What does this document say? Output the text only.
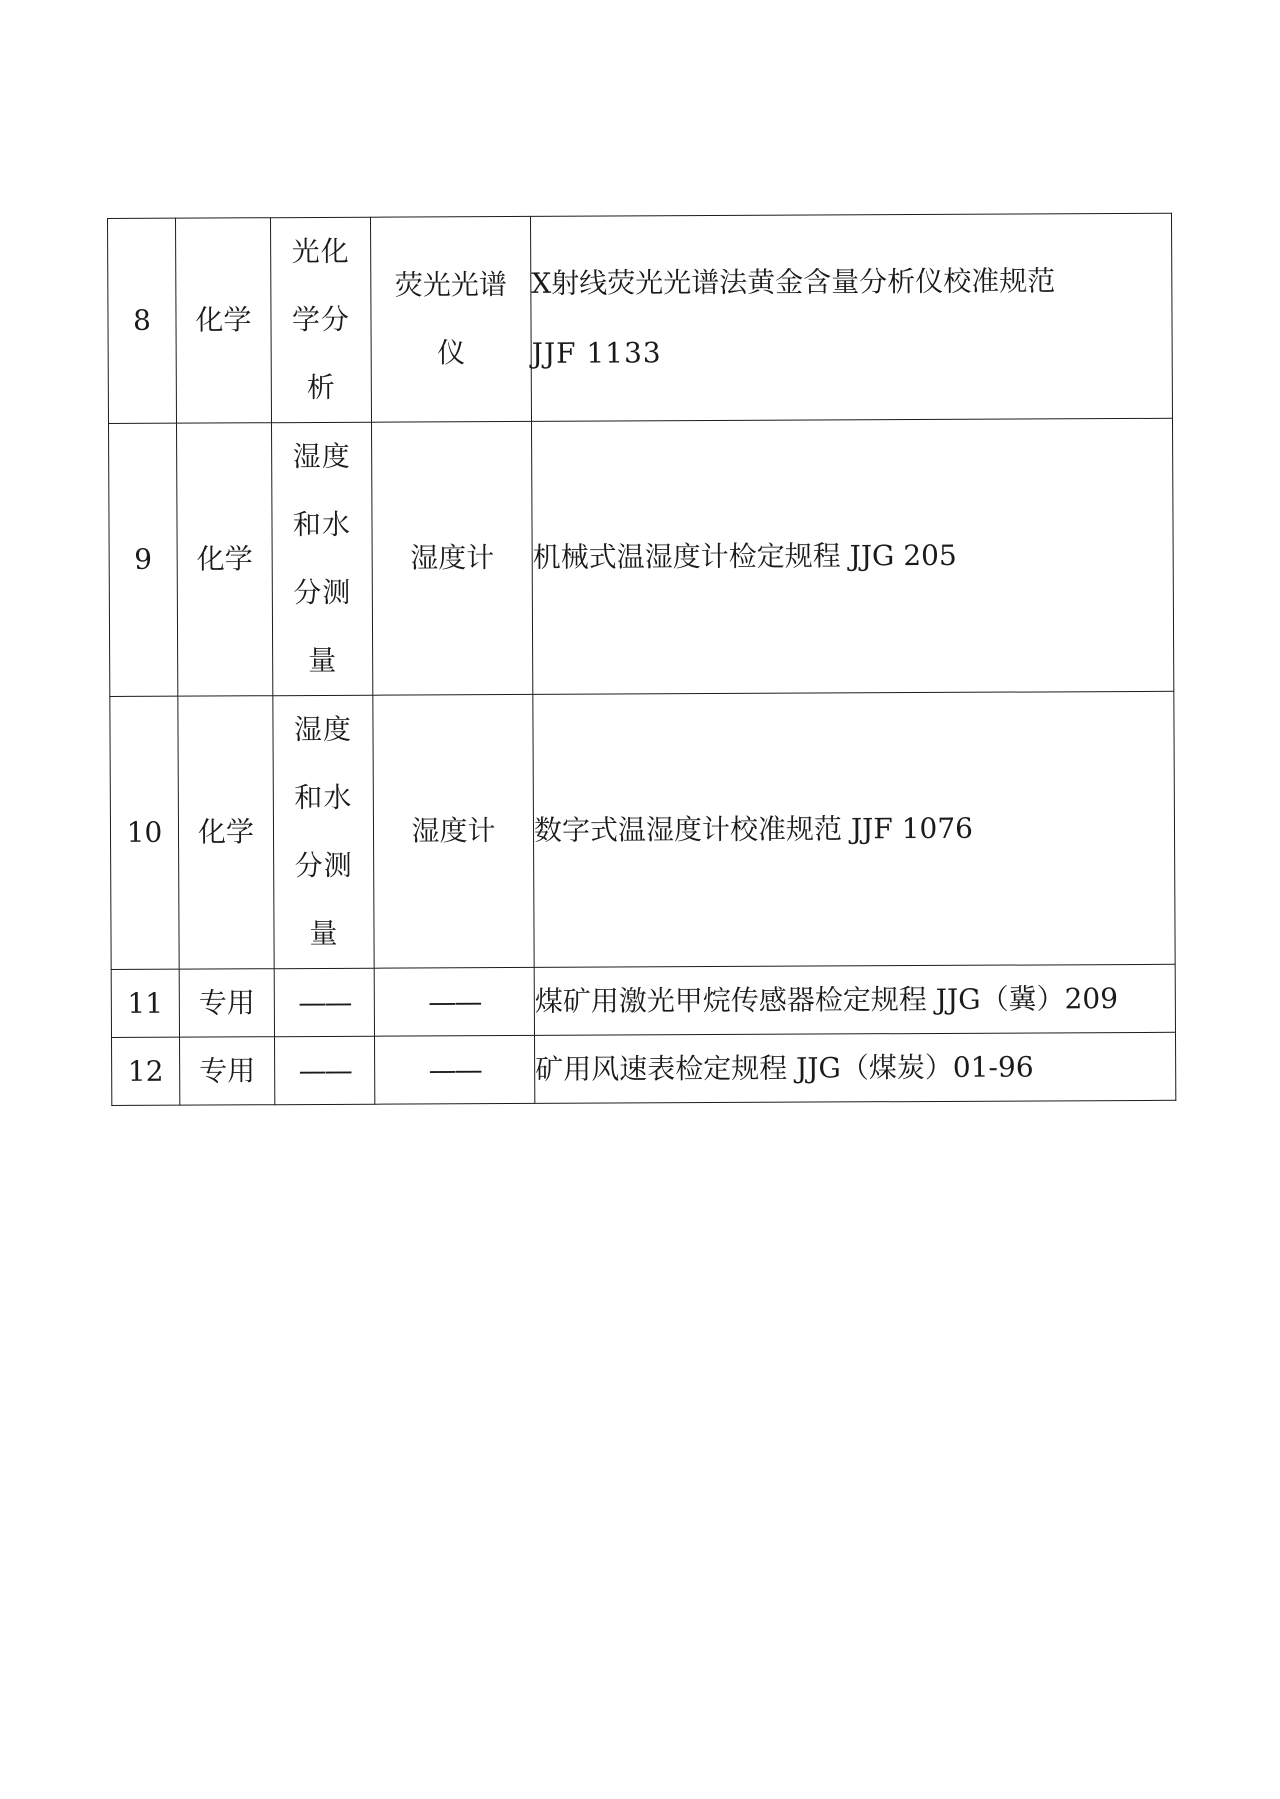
8	化学	光化学分析	荧光光谱仪	X射线荧光光谱法黄金含量分析仪校准规范
JJF 1133

9	化学	湿度和水分测量	湿度计	机械式温湿度计检定规程 JJG 205
10	化学	湿度和水分测量	湿度计	数字式温湿度计校准规范 JJF 1076
11	专用	——	——	煤矿用激光甲烷传感器检定规程 JJG（冀）209
12	专用	——	——	矿用风速表检定规程 JJG（煤炭）01-96
